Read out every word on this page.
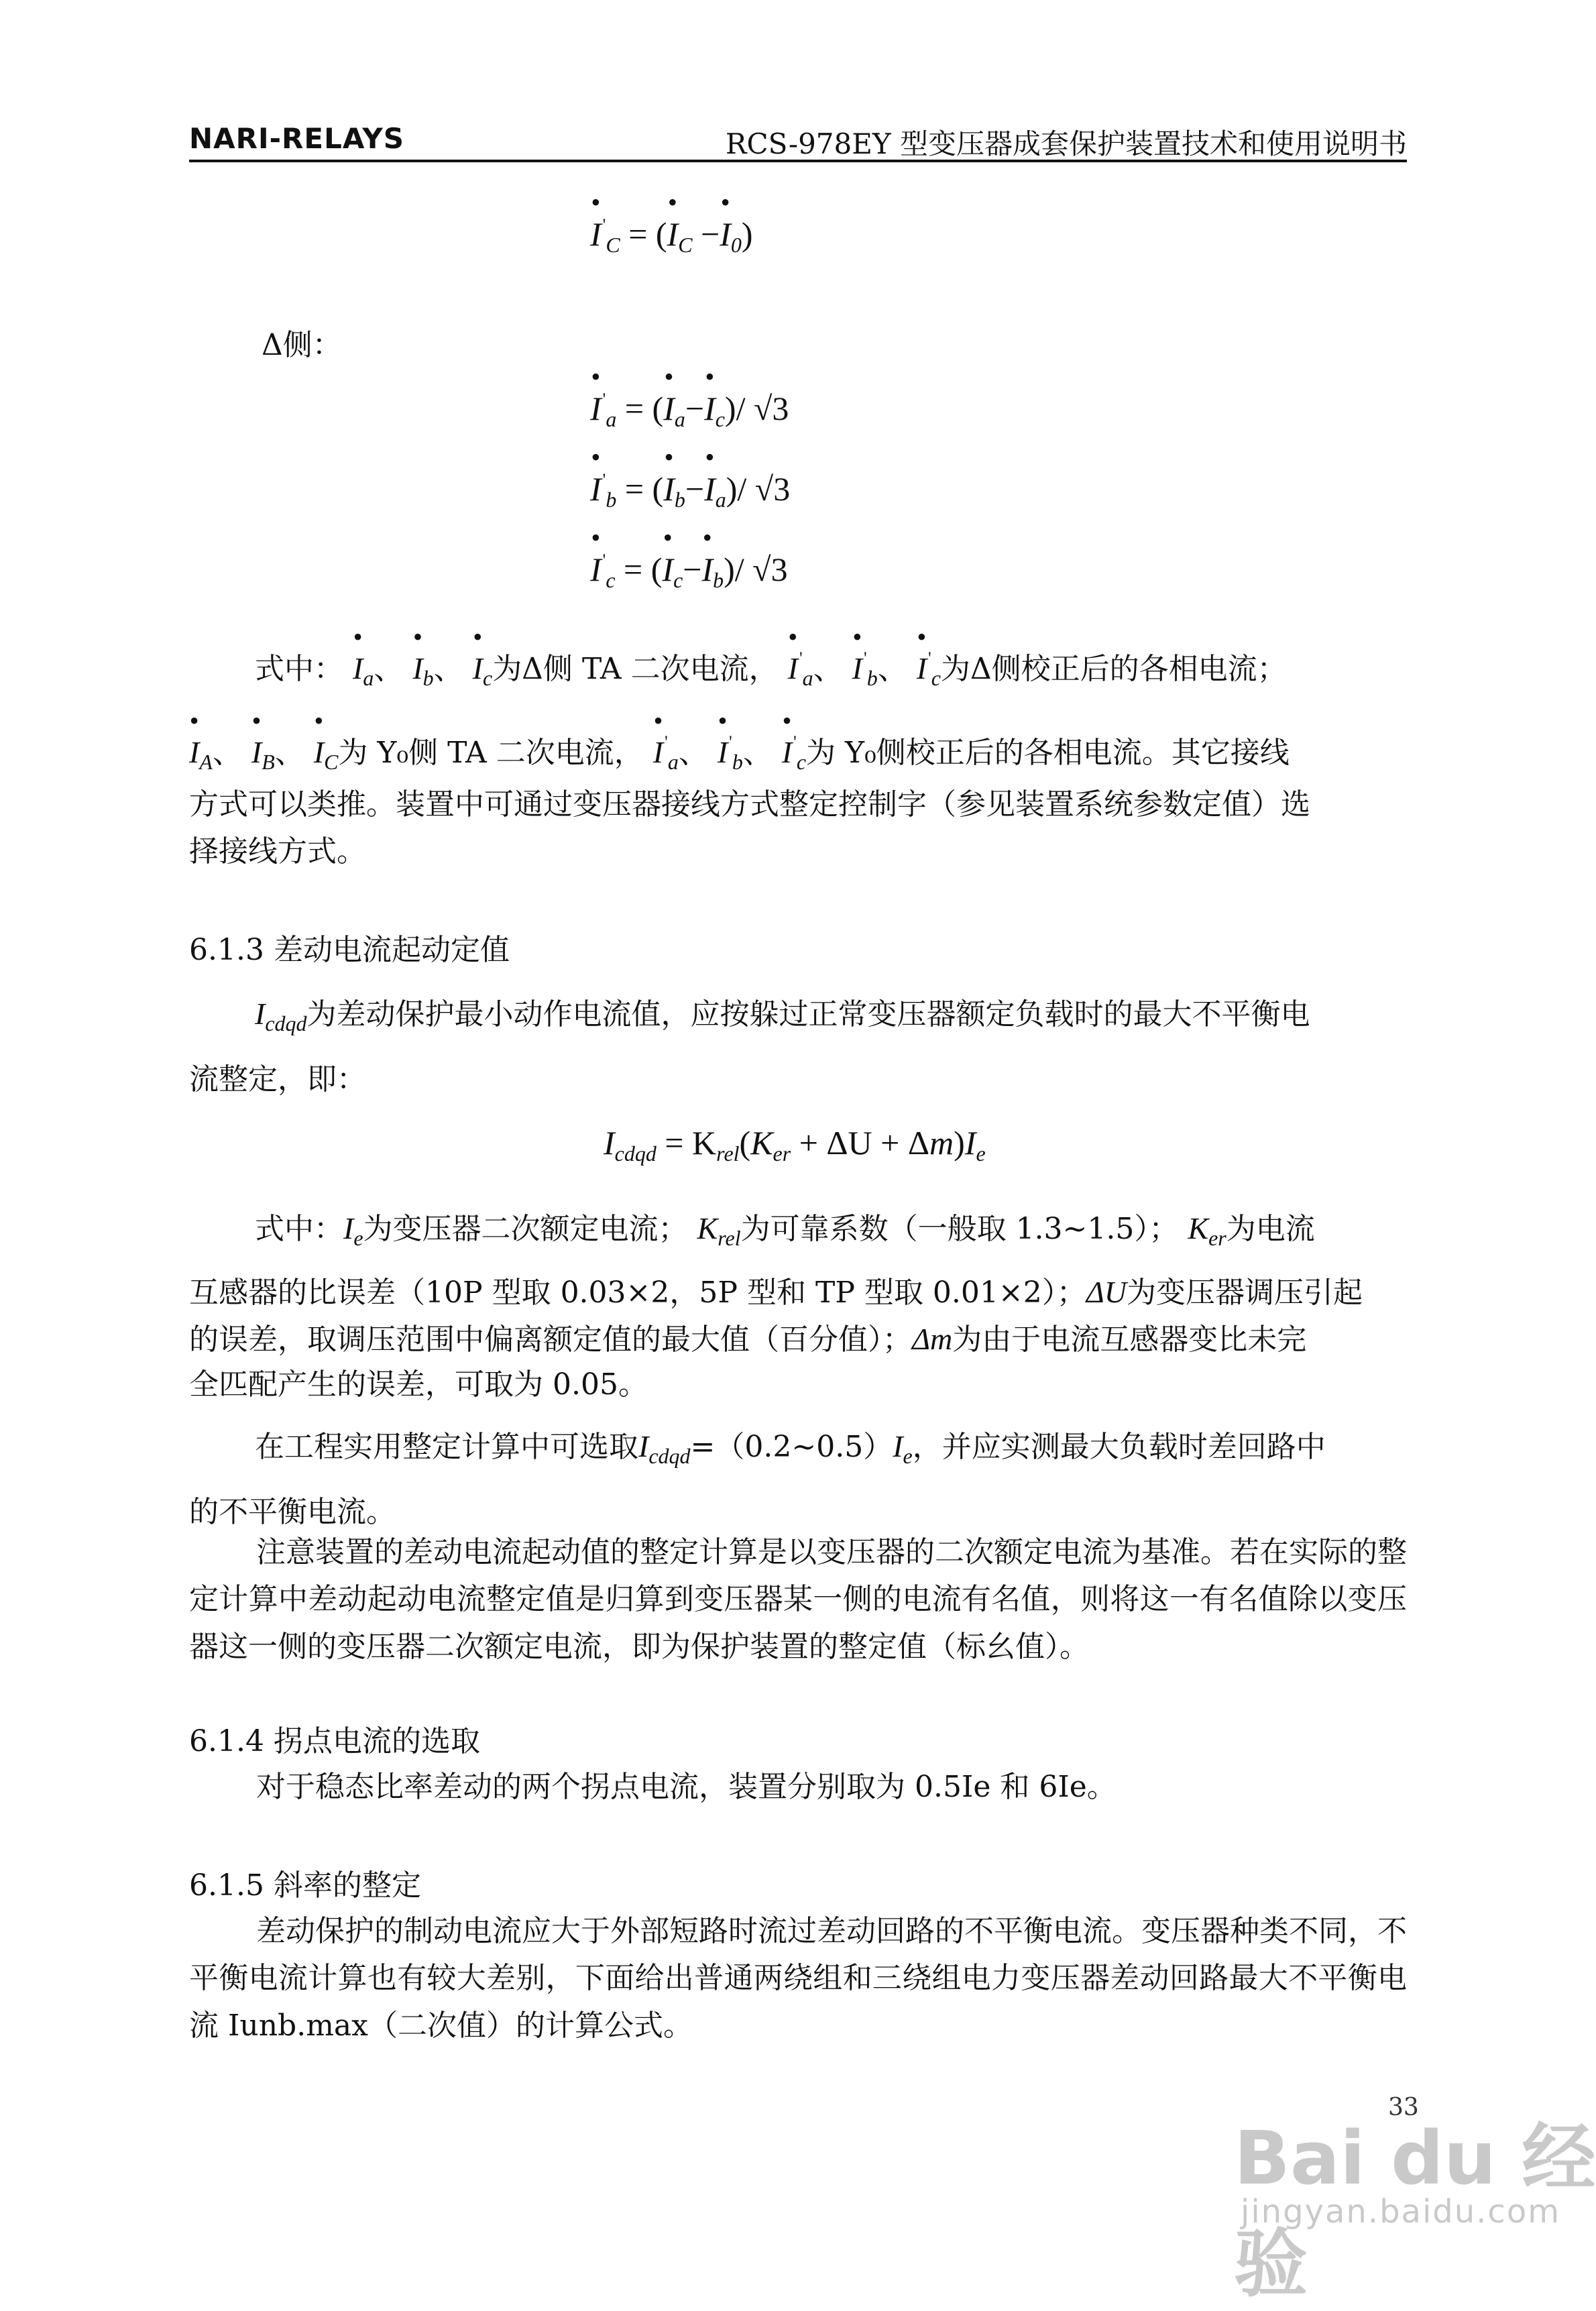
NARI-RELAYS	RCS-978EY 型变压器成套保护装置技术和使用说明书
• $I'_C$ = (• $I_C$ −• $I_0$)
Δ侧：
• $I'_a$ = (• $I_a-•$ $I_c)/$ √3
• $I'_b$ = (• $I_b-•$ $I_a)/$ √3
• $I'_c$ = (• $I_c-•$ $I_b)/$ √3
式中： • $I_a$、 • $I_b$、 • $I_c$为Δ侧 TA 二次电流， • $I'_a$、 • $I'_b$、 • $I'_c$为Δ侧校正后的各相电流；
• $I_A$、 • $I_B$、 • $I_C$为 Y₀侧 TA 二次电流， • $I'_a$、 • $I'_b$、 • $I'_c$为 Y₀侧校正后的各相电流。其它接线
方式可以类推。装置中可通过变压器接线方式整定控制字（参见装置系统参数定值）选
择接线方式。
6.1.3 差动电流起动定值
$I_{cdqd}$为差动保护最小动作电流值，应按躲过正常变压器额定负载时的最大不平衡电
流整定，即：
$I_{cdqd} = K_{rel}(K_{er} + \Delta U + \Delta m)I_e$
式中：$I_e$为变压器二次额定电流； $K_{rel}$为可靠系数（一般取 1.3~1.5）； $K_{er}$为电流
互感器的比误差（10P 型取 0.03×2，5P 型和 TP 型取 0.01×2）；ΔU为变压器调压引起
的误差，取调压范围中偏离额定值的最大值（百分值）；Δm为由于电流互感器变比未完
全匹配产生的误差，可取为 0.05。
在工程实用整定计算中可选取$I_{cdqd}=(0.2\sim 0.5)I_e$，并应实测最大负载时差回路中
的不平衡电流。
注意装置的差动电流起动值的整定计算是以变压器的二次额定电流为基准。若在实际的整定计算中差动起动电流整定值是归算到变压器某一侧的电流有名值，则将这一有名值除以变压器这一侧的变压器二次额定电流，即为保护装置的整定值（标幺值）。
6.1.4 拐点电流的选取
对于稳态比率差动的两个拐点电流，装置分别取为 0.5Ie 和 6Ie。
6.1.5 斜率的整定
差动保护的制动电流应大于外部短路时流过差动回路的不平衡电流。变压器种类不同，不平衡电流计算也有较大差别，下面给出普通两绕组和三绕组电力变压器差动回路最大不平衡电流 Iunb.max（二次值）的计算公式。
33
Bai du 经验
jingyan.baidu.com
